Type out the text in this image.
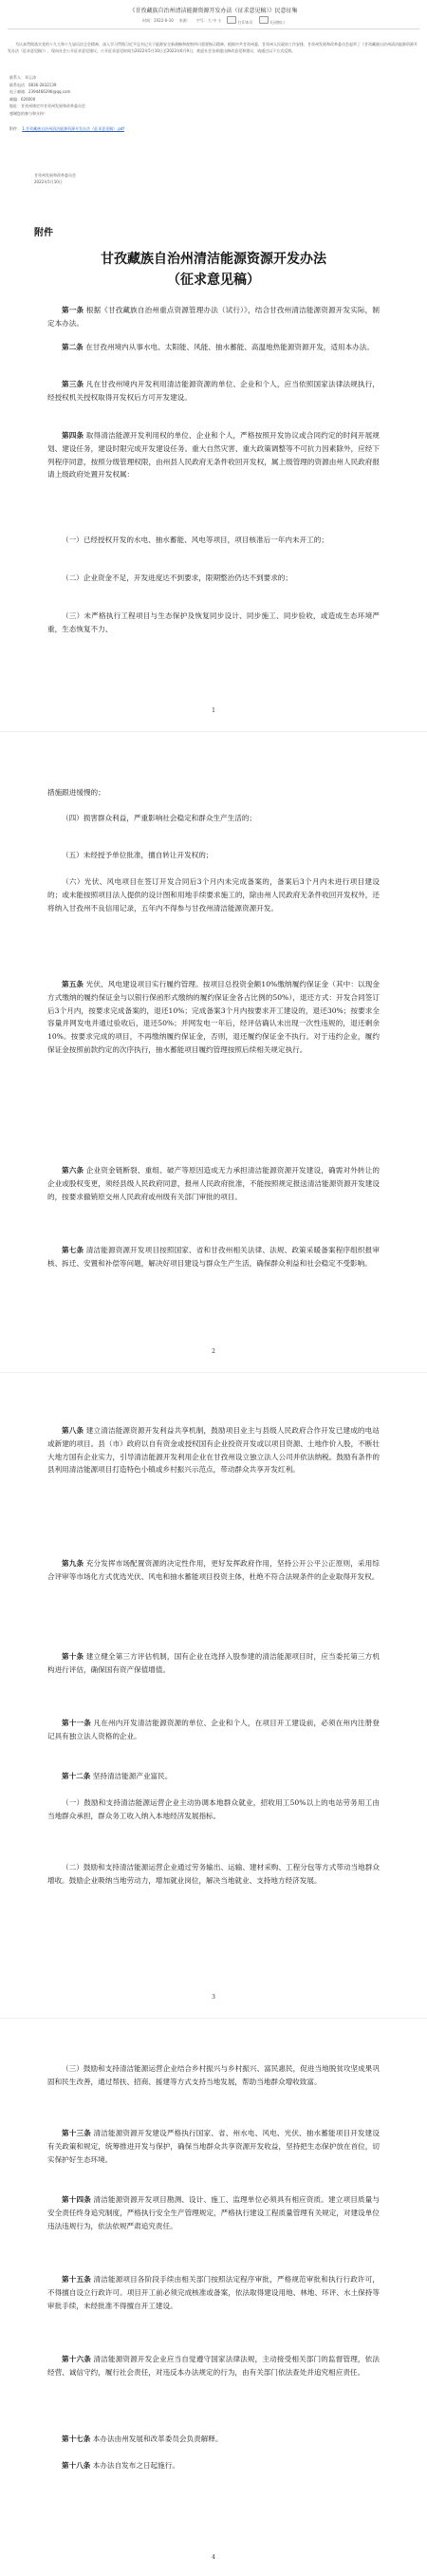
《甘孜藏族自治州清洁能源资源开发办法（征求意见稿）》民意征集
时间：2022-0-10 来源： 字号：大 中 小	打印本页	关闭窗口
为认真贯彻落实党的十九大和十九届历次全会精神，深入学习贯彻习近平总书记关于能源安全新战略和视察四川重要指示精神，根据中共甘孜州委、甘孜州人民政府工作安排，甘孜州发展和改革委员会起草了《甘孜藏族自治州清洁能源资源开发办法（征求意见稿）》，现向社会公开征求意见建议。公开征求意见时间为2022年5月10日至2022年6月9日，欢迎社会各界提出修改意见和建议，请通过以下方式反馈。
联系人：邓玉涛
联系电话：0836-2832139
电子邮箱：2394466296@qq.com
邮编：626000
地址：甘孜州康定市甘孜州发展和改革委员会
感谢您的参与和支持！
附件： 1.甘孜藏族自治州清洁能源资源开发办法（征求意见稿）.pdf
甘孜州发展和改革委员会
2022年5月10日
附件
甘孜藏族自治州清洁能源资源开发办法
（征求意见稿）
第一条 根据《甘孜藏族自治州重点资源管理办法（试行）》，结合甘孜州清洁能源资源开发实际，制定本办法。
第二条 在甘孜州境内从事水电、太阳能、风能、抽水蓄能、高温地热能源资源开发，适用本办法。
第三条 凡在甘孜州境内开发利用清洁能源资源的单位、企业和个人，应当依照国家法律法规执行，经授权机关授权取得开发权后方可开发建设。
第四条 取得清洁能源开发利用权的单位、企业和个人，严格按照开发协议或合同约定的时间开展规划、建设任务，建设时限完成开发建设任务。重大自然灾害、重大政策调整等不可抗力因素除外，应经下列程序同意，按照分级管理权限，由州县人民政府无条件收回开发权，属上级管理的资源由州人民政府报请上级政府处置开发权属：
（一）已经授权开发的水电、抽水蓄能、风电等项目，项目核准后一年内未开工的；
（二）企业资金不足，开发进度达不到要求，限期整治仍达不到要求的；
（三）未严格执行工程项目与生态保护及恢复同步设计、同步施工、同步验收，或造成生态环境严重，生态恢复不力、
1
措施跟进缓慢的；
（四）损害群众利益，严重影响社会稳定和群众生产生活的；
（五）未经授予单位批准，擅自转让开发权的；
（六）光伏、风电项目在签订开发合同后3个月内未完成备案的，备案后3个月内未进行项目建设的；或未能按照项目法人提供的设计图和用地手续要求施工的，除由州人民政府无条件收回开发权外，还将纳入甘孜州不良信用记录，五年内不得参与甘孜州清洁能源资源开发。
第五条 光伏、风电建设项目实行履约管理。按项目总投资金额10%缴纳履约保证金（其中：以现金方式缴纳的履约保证金与以银行保函形式缴纳的履约保证金各占比例的50%），退还方式：开发合同签订后3个月内，按要求完成备案的，退还10%；完成备案3个月内按要求开工建设的，退还30%；按要求全容量并网发电并通过验收后，退还50%；并网发电一年后，经评估确认未出现一次性违规的，退还剩余10%。按要求完成的项目，不再缴纳履约保证金，否则，退还履约保证金不执行。对于违约企业，履约保证金按照前款约定的次序执行，抽水蓄能项目履约管理按照后续相关规定执行。
第六条 企业资金链断裂、重组、破产等原因造成无力承担清洁能源资源开发建设，确需对外转让的企业或股权变更，须经县级人民政府同意，报州人民政府批准，不能按照规定报送清洁能源资源开发建设的，按要求撤销原交州人民政府或州级有关部门审批的项目。
第七条 清洁能源资源开发项目按照国家、省和甘孜州相关法律、法规、政策采暖备案程序组织报审核、拆迁、安置和补偿等问题，解决好项目建设与群众生产生活，确保群众利益和社会稳定不受影响。
2
第八条 建立清洁能源资源开发利益共享机制，鼓励项目业主与县级人民政府合作开发已建成的电站或新建的项目。县（市）政府以自有资金或授权国有企业投资开发或以项目资源、土地作价入股，不断壮大地方国有企业实力，引导清洁能源开发利用企业在甘孜州设立独立法人公司并依法纳税。鼓励有条件的县利用清洁能源项目打造特色小镇或乡村振兴示范点，带动群众共享开发红利。
第九条 充分发挥市场配置资源的决定性作用，更好发挥政府作用，坚持公开公平公正原则，采用综合评审等市场化方式优选光伏、风电和抽水蓄能项目投资主体，杜绝不符合法规条件的企业取得开发权。
第十条 建立健全第三方评估机制，国有企业在选择入股参建的清洁能源项目时，应当委托第三方机构进行评估，确保国有资产保值增值。
第十一条 凡在州内开发清洁能源资源的单位、企业和个人，在项目开工建设前，必须在州内注册登记具有独立法人资格的企业。
第十二条 坚持清洁能源产业富民。
（一）鼓励和支持清洁能源运营企业主动协调本地群众就业，招收用工50%以上的电站劳务用工由当地群众承担，群众务工收入纳入本地经济发展指标。
（二）鼓励和支持清洁能源运营企业通过劳务输出、运输、建材采购、工程分包等方式带动当地群众增收。鼓励企业吸纳当地劳动力，增加就业岗位，解决当地就业、支持地方经济发展。
3
（三）鼓励和支持清洁能源运营企业结合乡村振兴与乡村振兴、富民惠民，促进当地脱贫攻坚成果巩固和民生改善，通过帮扶、招商、援建等方式支持当地发展，帮助当地群众增收致富。
第十三条 清洁能源资源开发建设严格执行国家、省、州水电、风电、光伏、抽水蓄能项目开发建设有关政策和规定，统筹推进开发与保护，确保当地群众共享资源开发收益，坚持把生态保护放在首位，切实保护好生态环境。
第十四条 清洁能源资源开发项目勘测、设计、施工、监理单位必须具有相应资质。建立项目质量与安全责任终身追究制度，严格执行安全生产管理规定，严格执行建设工程质量管理有关规定，对建设单位违法违规行为，依法依规严肃追究责任。
第十五条 清洁能源项目各阶段手续由相关部门按照法定程序审批，严格规范审批和执行行政许可，不得擅自设立行政许可。项目开工前必须完成核准或备案，依法取得建设用地、林地、环评、水土保持等审批手续，未经批准不得擅自开工建设。
第十六条 清洁能源资源开发企业应当自觉遵守国家法律法规，主动接受相关部门的监督管理，依法经营、诚信守约，履行社会责任，对违反本办法规定的行为，由有关部门依法查处并追究相应责任。
第十七条 本办法由州发展和改革委员会负责解释。
第十八条 本办法自发布之日起施行。
4
